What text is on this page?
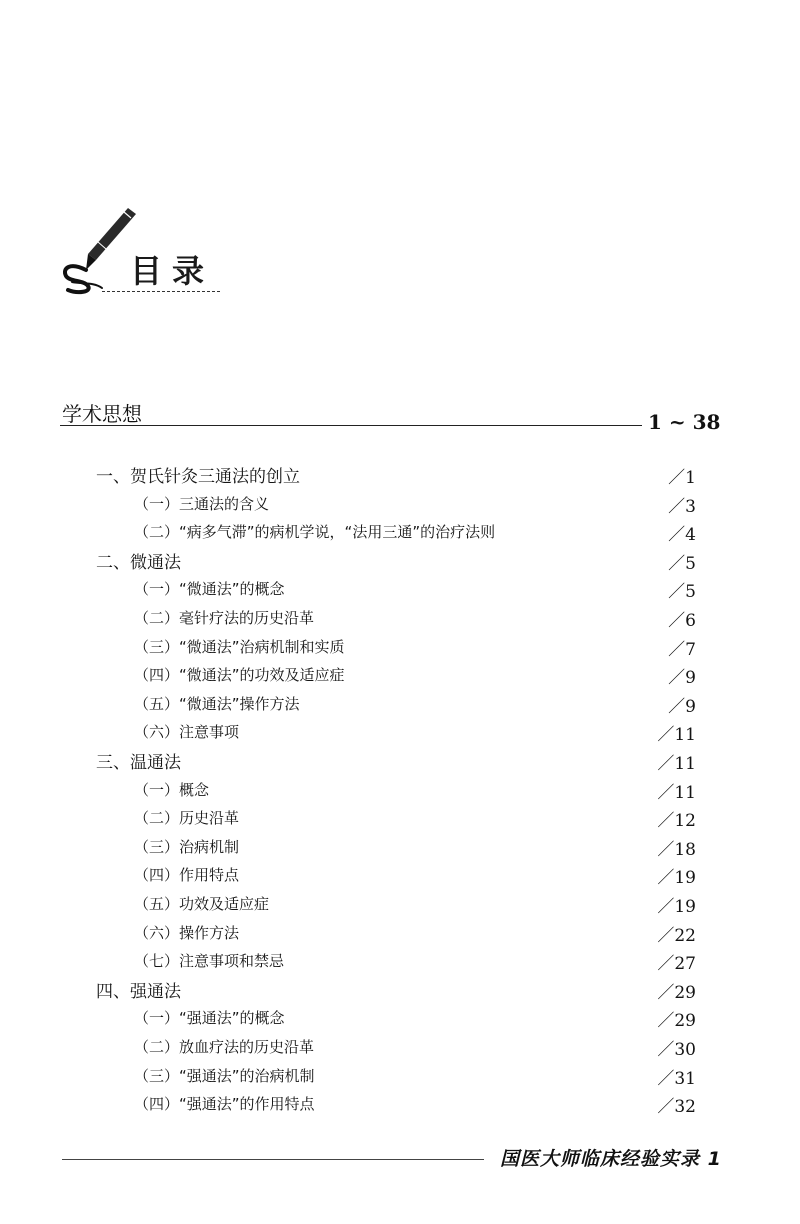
目录
学术思想	1 ~ 38
一、贺氏针灸三通法的创立	／1
（一）三通法的含义	／3
（二）“病多气滞”的病机学说，“法用三通”的治疗法则	／4
二、微通法	／5
（一）“微通法”的概念	／5
（二）毫针疗法的历史沿革	／6
（三）“微通法”治病机制和实质	／7
（四）“微通法”的功效及适应症	／9
（五）“微通法”操作方法	／9
（六）注意事项	／11
三、温通法	／11
（一）概念	／11
（二）历史沿革	／12
（三）治病机制	／18
（四）作用特点	／19
（五）功效及适应症	／19
（六）操作方法	／22
（七）注意事项和禁忌	／27
四、强通法	／29
（一）“强通法”的概念	／29
（二）放血疗法的历史沿革	／30
（三）“强通法”的治病机制	／31
（四）“强通法”的作用特点	／32
国医大师临床经验实录 1
